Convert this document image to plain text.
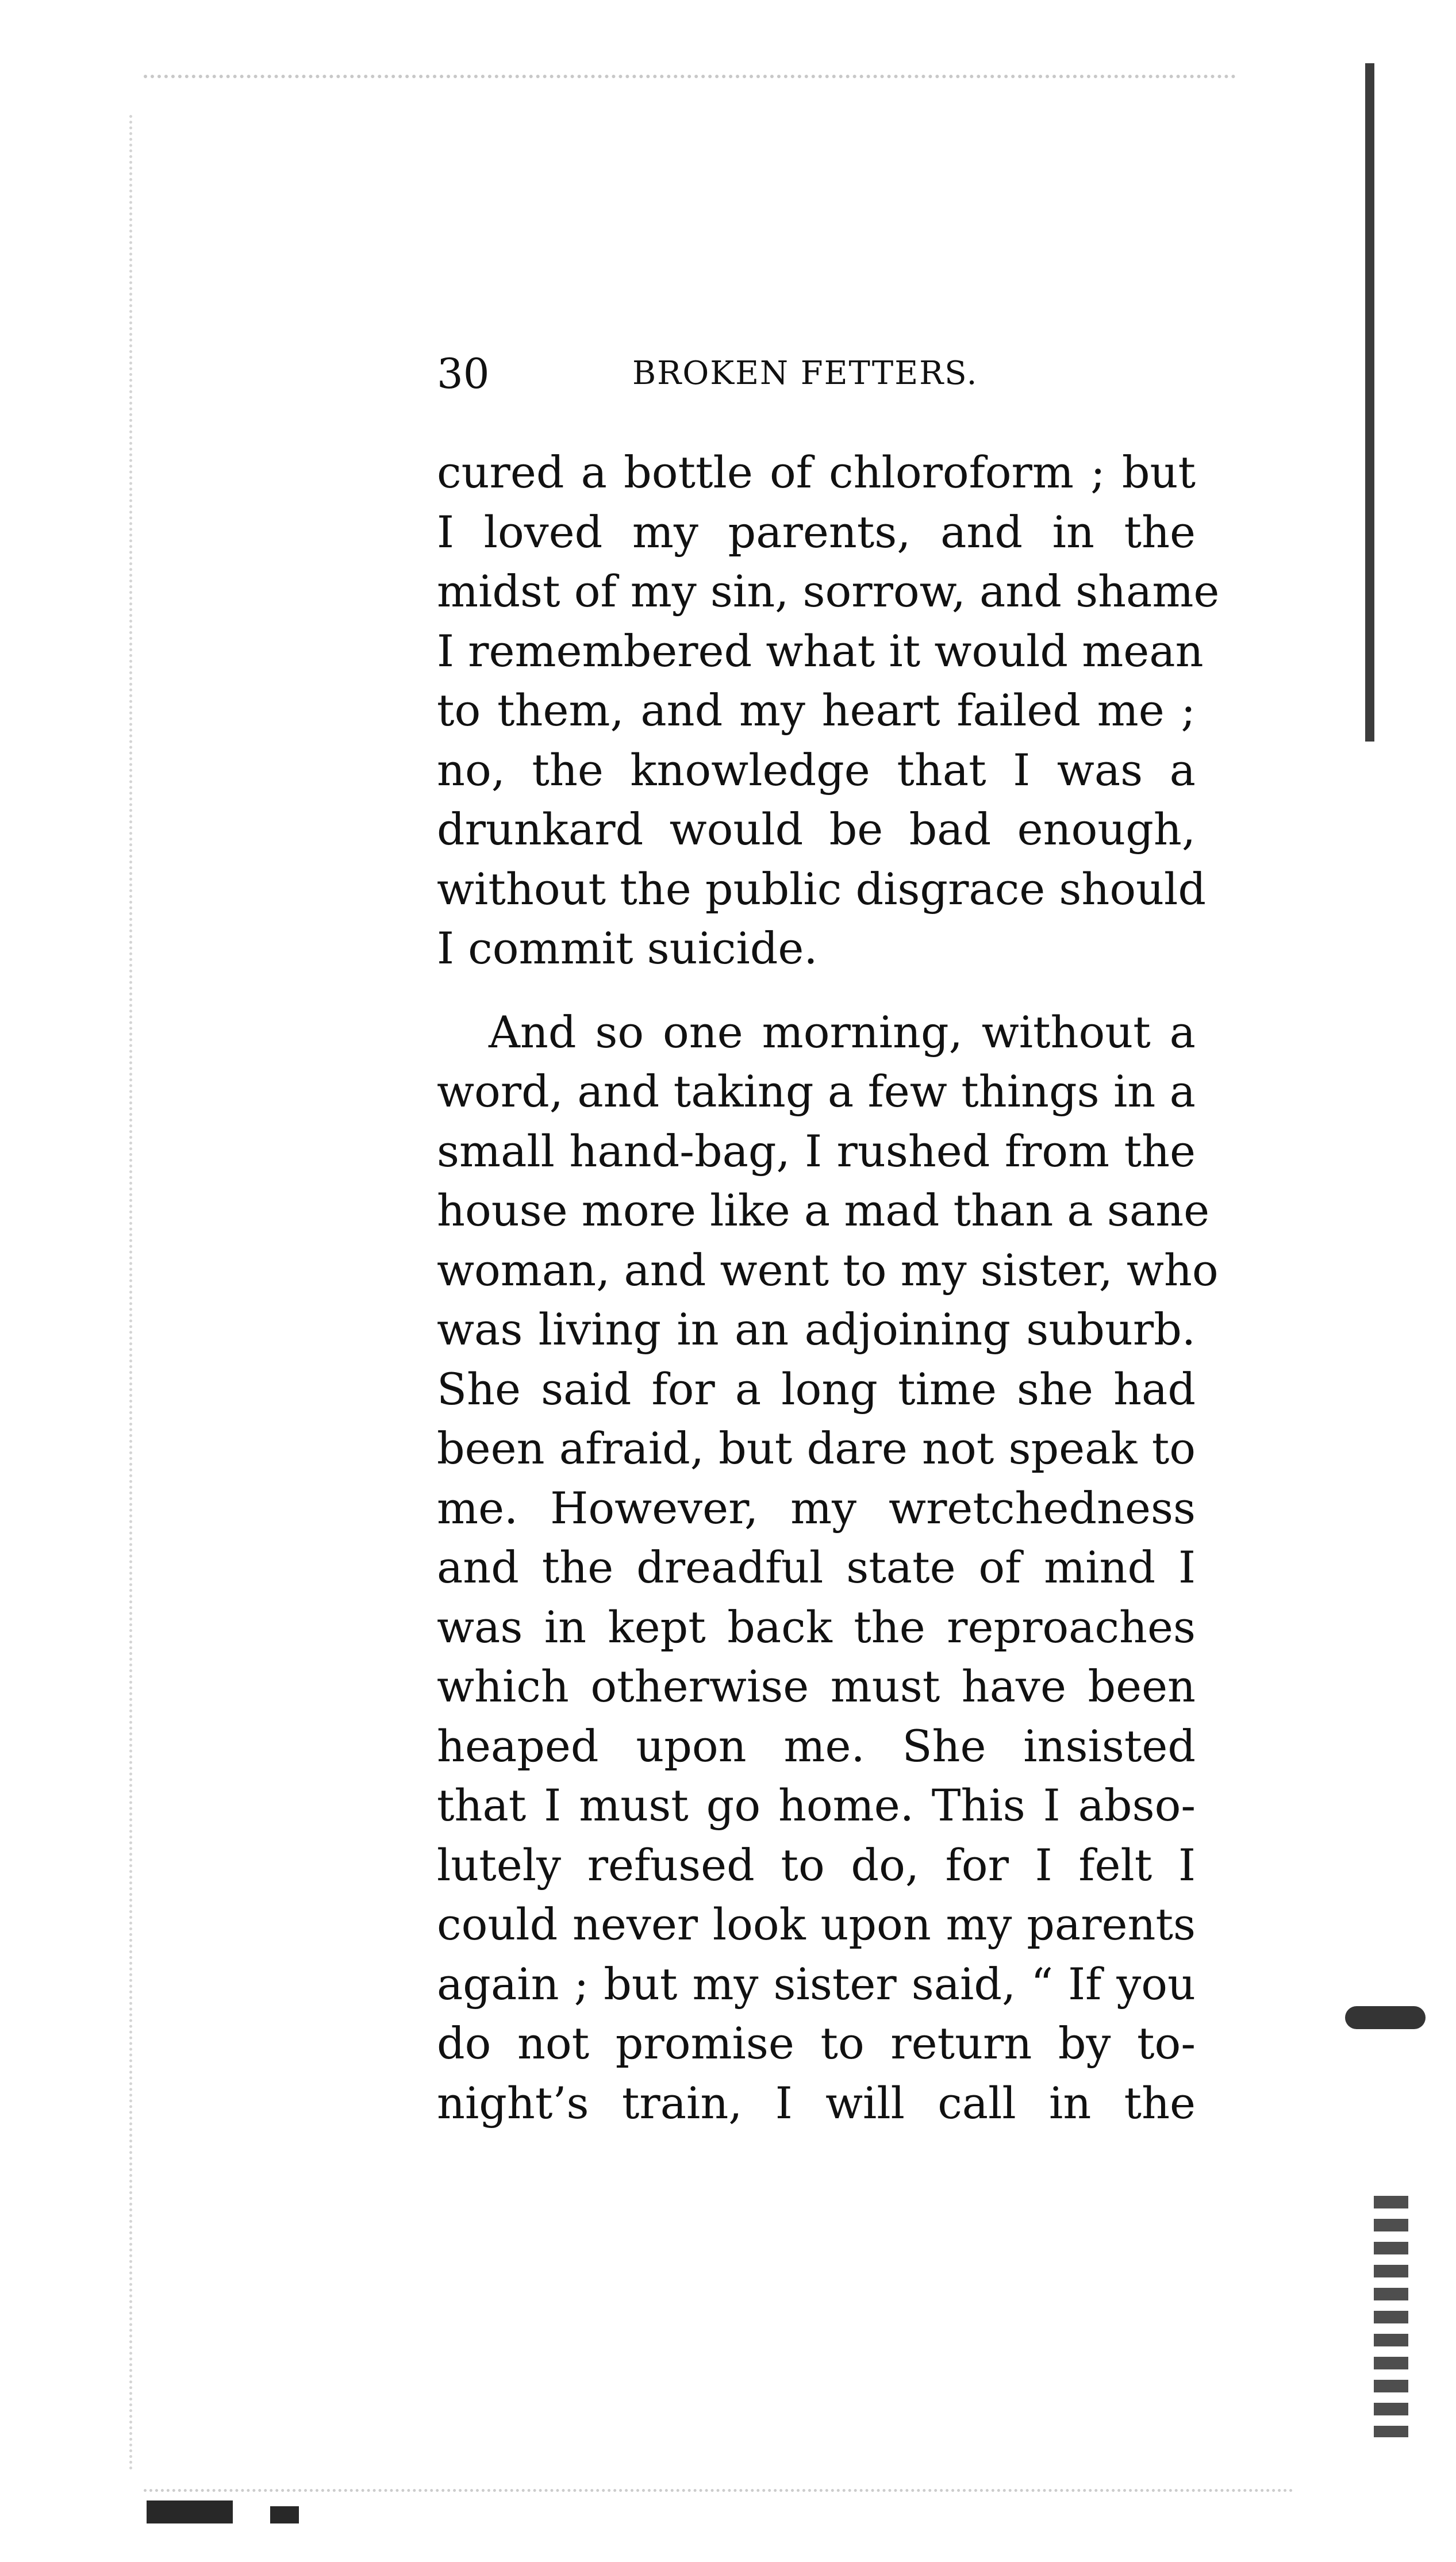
30	BROKEN FETTERS.

cured a bottle of chloroform ; but
I loved my parents, and in the
midst of my sin, sorrow, and shame
I remembered what it would mean
to them, and my heart failed me ;
no, the knowledge that I was a
drunkard would be bad enough,
without the public disgrace should
I commit suicide.

And so one morning, without a
word, and taking a few things in a
small hand-bag, I rushed from the
house more like a mad than a sane
woman, and went to my sister, who
was living in an adjoining suburb.
She said for a long time she had
been afraid, but dare not speak to
me. However, my wretchedness
and the dreadful state of mind I
was in kept back the reproaches
which otherwise must have been
heaped upon me. She insisted
that I must go home. This I abso-
lutely refused to do, for I felt I
could never look upon my parents
again ; but my sister said, “ If you
do not promise to return by to-
night’s train, I will call in the
